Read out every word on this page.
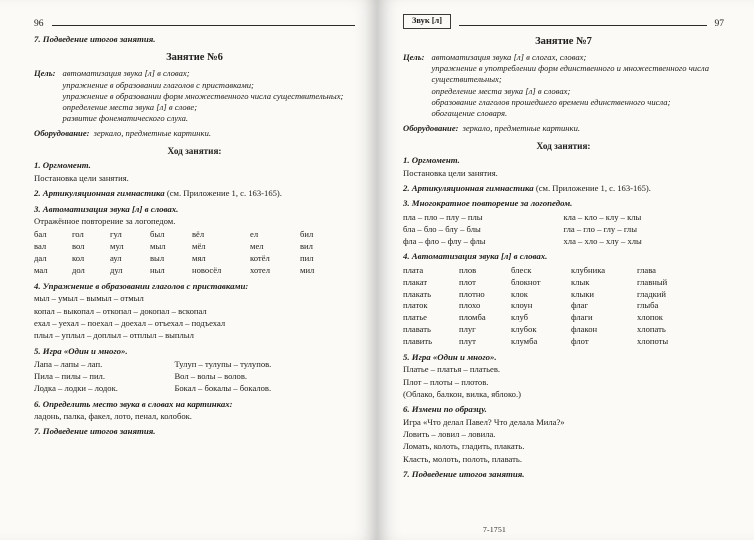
96
7. Подведение итогов занятия.
Занятие №6
Цель: автоматизация звука [л] в словах;
упражнение в образовании глаголов с приставками;
упражнение в образовании форм множественного числа существительных;
определение места звука [л] в слове;
развитие фонематического слуха.
Оборудование: зеркало, предметные картинки.
Ход занятия:
1. Оргмомент.
Постановка цели занятия.
2. Артикуляционная гимнастика (см. Приложение 1, с. 163-165).
3. Автоматизация звука [л] в словах.
Отражённое повторение за логопедом.
бал	гол	гул	был	вёл	ел	бил
вал	вол	мул	мыл	мёл	мел	вил
дал	кол	аул	выл	мял	котёл	пил
мал	дол	дул	ныл	новосёл	хотел	мил
4. Упражнение в образовании глаголов с приставками:
мыл – умыл – вымыл – отмыл
копал – выкопал – откопал – докопал – вскопал
ехал – уехал – поехал – доехал – отъехал – подъехал
плыл – уплыл – доплыл – отплыл – выплыл
5. Игра «Один и много».
Лапа – лапы – лап.	Тулуп – тулупы – тулупов.
Пила – пилы – пил.	Вол – волы – волов.
Лодка – лодки – лодок.	Бокал – бокалы – бокалов.
6. Определить место звука в словах на картинках:
ладонь, палка, факел, лото, пенал, колобок.
7. Подведение итогов занятия.
Звук [л]	97
Занятие №7
Цель: автоматизация звука [л] в слогах, словах;
упражнение в употреблении форм единственного и множественного числа существительных;
определение места звука [л] в словах;
образование глаголов прошедшего времени единственного числа;
обогащение словаря.
Оборудование: зеркало, предметные картинки.
Ход занятия:
1. Оргмомент.
Постановка цели занятия.
2. Артикуляционная гимнастика (см. Приложение 1, с. 163-165).
3. Многократное повторение за логопедом.
пла – пло – плу – плы	кла – кло – клу – клы
бла – бло – блу – блы	гла – гло – глу – глы
фла – фло – флу – флы	хла – хло – хлу – хлы
4. Автоматизация звука [л] в словах.
плата	плов	блеск	клубника	глава
плакат	плот	блокнот	клык	главный
плакать	плотно	клок	клыки	гладкий
платок	плохо	клоун	флаг	глыба
платье	пломба	клуб	флаги	хлопок
плавать	плуг	клубок	флакон	хлопать
плавить	плут	клумба	флот	хлопоты
5. Игра «Один и много».
Платье – платья – платьев.
Плот – плоты – плотов.
(Облако, балкон, вилка, яблоко.)
6. Измени по образцу.
Игра «Что делал Павел? Что делала Мила?»
Ловить – ловил – ловила.
Ломать, колоть, гладить, плакать.
Класть, молоть, полоть, плавать.
7. Подведение итогов занятия.
7-1751
